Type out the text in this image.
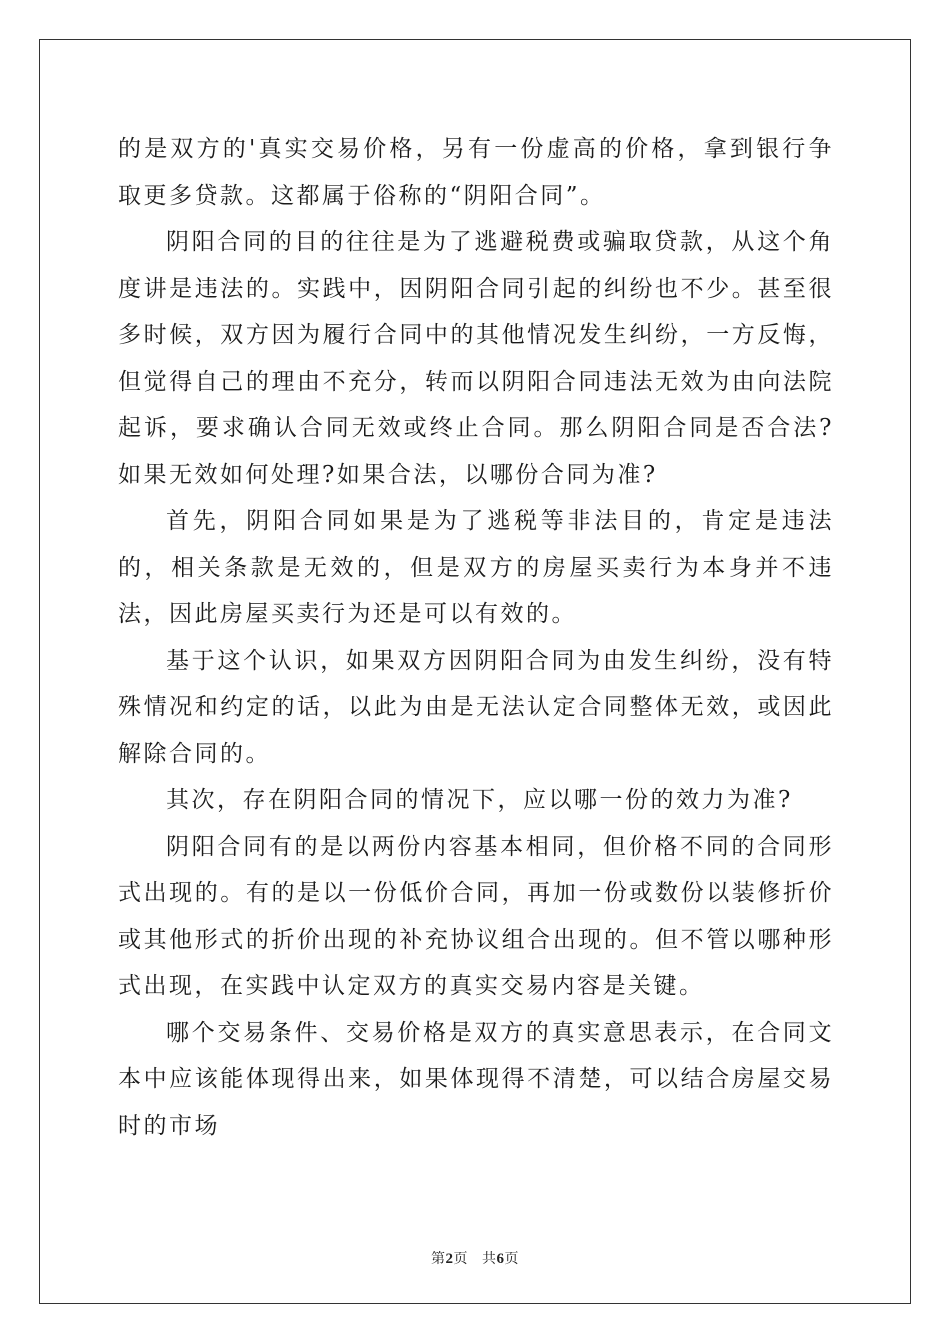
的是双方的'真实交易价格，另有一份虚高的价格，拿到银行争取更多贷款。这都属于俗称的“阴阳合同”。

阴阳合同的目的往往是为了逃避税费或骗取贷款，从这个角度讲是违法的。实践中，因阴阳合同引起的纠纷也不少。甚至很多时候，双方因为履行合同中的其他情况发生纠纷，一方反悔，但觉得自己的理由不充分，转而以阴阳合同违法无效为由向法院起诉，要求确认合同无效或终止合同。那么阴阳合同是否合法?如果无效如何处理?如果合法，以哪份合同为准?

首先，阴阳合同如果是为了逃税等非法目的，肯定是违法的，相关条款是无效的，但是双方的房屋买卖行为本身并不违法，因此房屋买卖行为还是可以有效的。

基于这个认识，如果双方因阴阳合同为由发生纠纷，没有特殊情况和约定的话，以此为由是无法认定合同整体无效，或因此解除合同的。

其次，存在阴阳合同的情况下，应以哪一份的效力为准?

阴阳合同有的是以两份内容基本相同，但价格不同的合同形式出现的。有的是以一份低价合同，再加一份或数份以装修折价或其他形式的折价出现的补充协议组合出现的。但不管以哪种形式出现，在实践中认定双方的真实交易内容是关键。

哪个交易条件、交易价格是双方的真实意思表示，在合同文本中应该能体现得出来，如果体现得不清楚，可以结合房屋交易时的市场

第2页 共6页
